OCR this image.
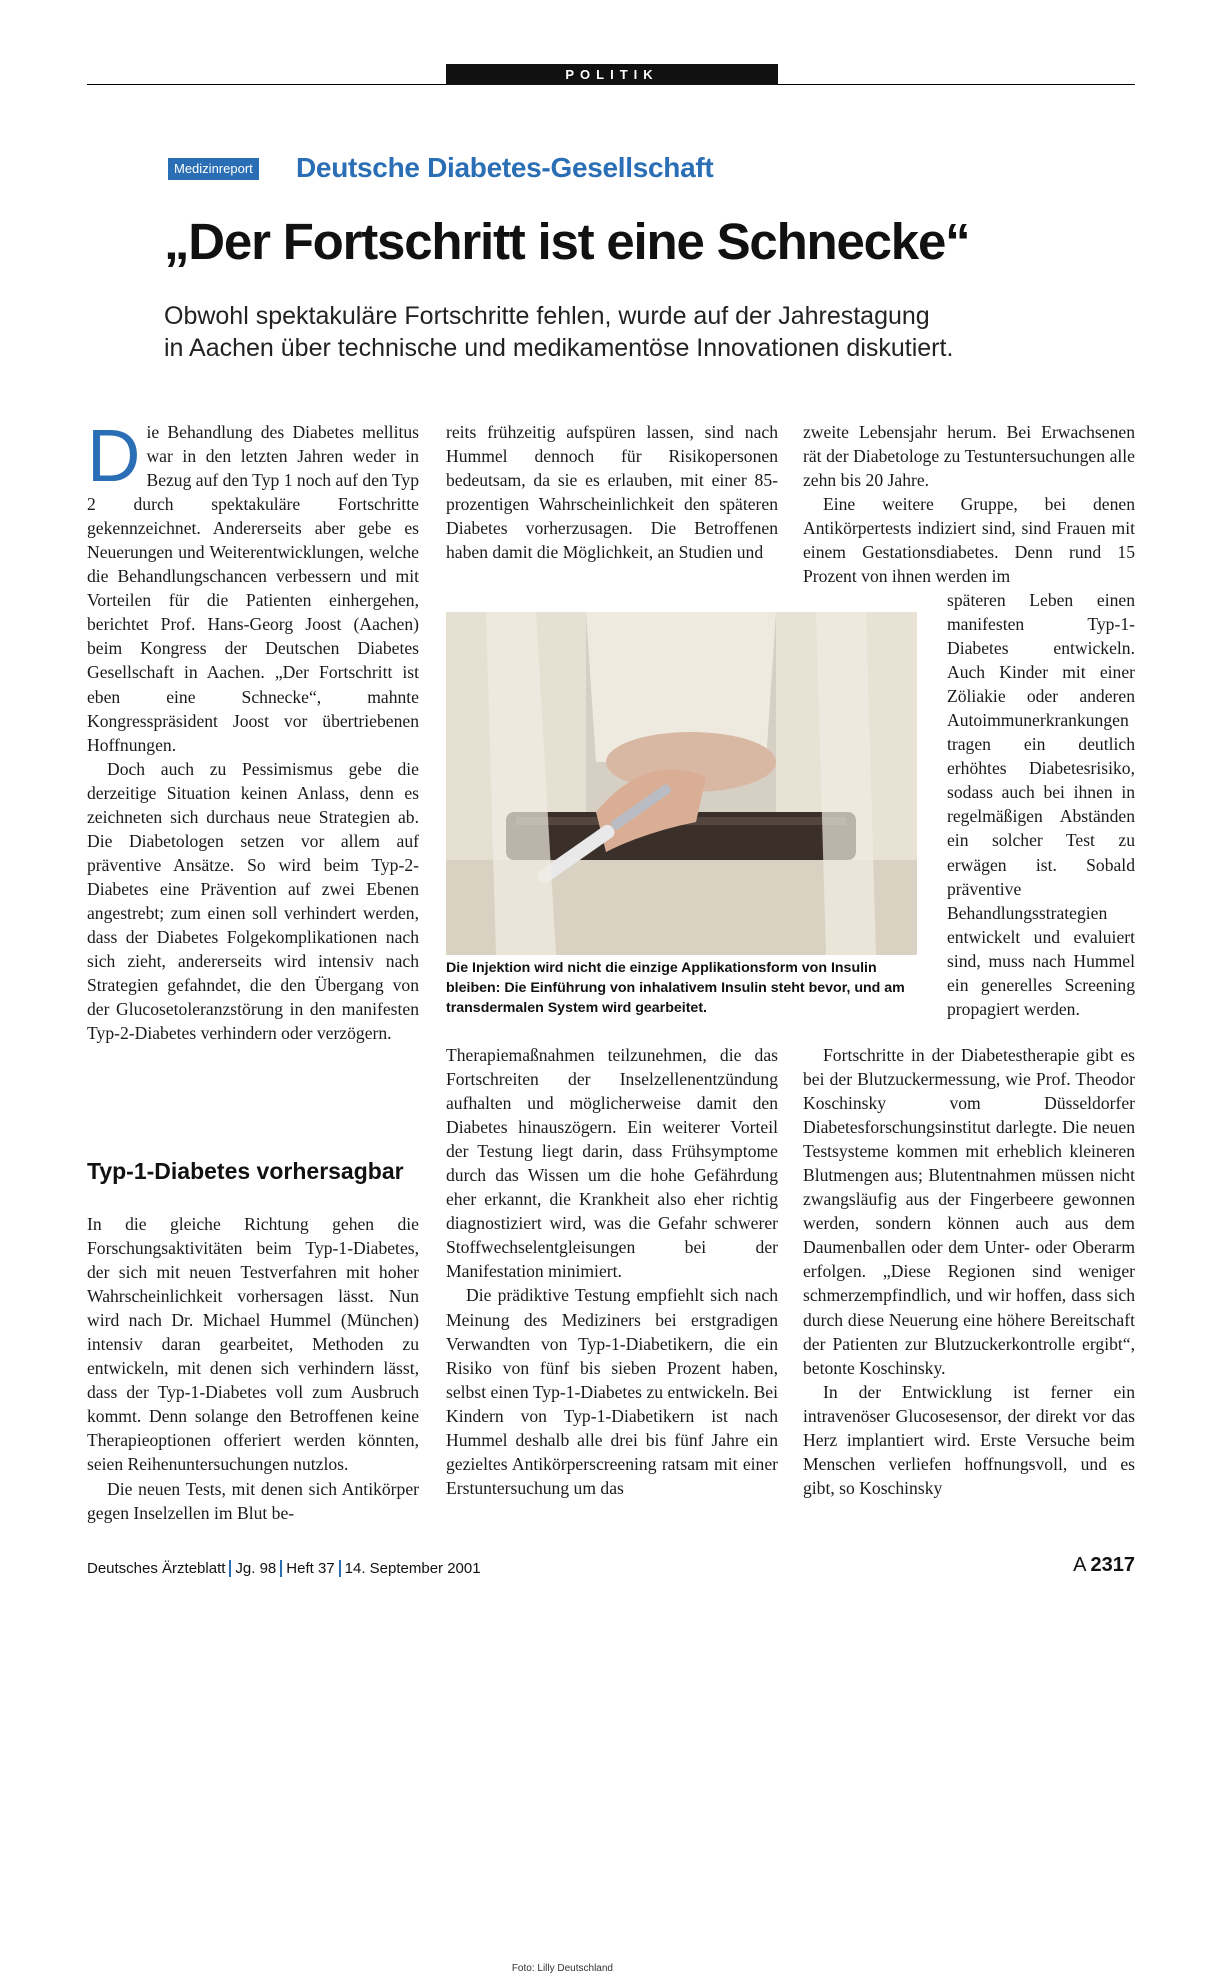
POLITIK
Medizinreport Deutsche Diabetes-Gesellschaft
„Der Fortschritt ist eine Schnecke“
Obwohl spektakuläre Fortschritte fehlen, wurde auf der Jahrestagung
in Aachen über technische und medikamentöse Innovationen diskutiert.

Die Behandlung des Diabetes mellitus war in den letzten Jahren weder in Bezug auf den Typ 1 noch auf den Typ 2 durch spektakuläre Fortschritte gekennzeichnet. Andererseits aber gebe es Neuerungen und Weiterentwicklungen, welche die Behandlungschancen verbessern und mit Vorteilen für die Patienten einhergehen, berichtet Prof. Hans-Georg Joost (Aachen) beim Kongress der Deutschen Diabetes Gesellschaft in Aachen. „Der Fortschritt ist eben eine Schnecke“, mahnte Kongresspräsident Joost vor übertriebenen Hoffnungen.

Doch auch zu Pessimismus gebe die derzeitige Situation keinen Anlass, denn es zeichneten sich durchaus neue Strategien ab. Die Diabetologen setzen vor allem auf präventive Ansätze. So wird beim Typ-2-Diabetes eine Prävention auf zwei Ebenen angestrebt; zum einen soll verhindert werden, dass der Diabetes Folgekomplikationen nach sich zieht, andererseits wird intensiv nach Strategien gefahndet, die den Übergang von der Glucosetoleranzstörung in den manifesten Typ-2-Diabetes verhindern oder verzögern.

Typ-1-Diabetes vorhersagbar

In die gleiche Richtung gehen die Forschungsaktivitäten beim Typ-1-Diabetes, der sich mit neuen Testverfahren mit hoher Wahrscheinlichkeit vorhersagen lässt. Nun wird nach Dr. Michael Hummel (München) intensiv daran gearbeitet, Methoden zu entwickeln, mit denen sich verhindern lässt, dass der Typ-1-Diabetes voll zum Ausbruch kommt. Denn solange den Betroffenen keine Therapieoptionen offeriert werden könnten, seien Reihenuntersuchungen nutzlos.

Die neuen Tests, mit denen sich Antikörper gegen Inselzellen im Blut be-

reits frühzeitig aufspüren lassen, sind nach Hummel dennoch für Risikopersonen bedeutsam, da sie es erlauben, mit einer 85-prozentigen Wahrscheinlichkeit den späteren Diabetes vorherzusagen. Die Betroffenen haben damit die Möglichkeit, an Studien und

Die Injektion wird nicht die einzige Applikationsform von Insulin bleiben: Die Einführung von inhalativem Insulin steht bevor, und am transdermalen System wird gearbeitet.
Foto: Lilly Deutschland

Therapiemaßnahmen teilzunehmen, die das Fortschreiten der Inselzellenentzündung aufhalten und möglicherweise damit den Diabetes hinauszögern. Ein weiterer Vorteil der Testung liegt darin, dass Frühsymptome durch das Wissen um die hohe Gefährdung eher erkannt, die Krankheit also eher richtig diagnostiziert wird, was die Gefahr schwerer Stoffwechselentgleisungen bei der Manifestation minimiert.

Die prädiktive Testung empfiehlt sich nach Meinung des Mediziners bei erstgradigen Verwandten von Typ-1-Diabetikern, die ein Risiko von fünf bis sieben Prozent haben, selbst einen Typ-1-Diabetes zu entwickeln. Bei Kindern von Typ-1-Diabetikern ist nach Hummel deshalb alle drei bis fünf Jahre ein gezieltes Antikörperscreening ratsam mit einer Erstuntersuchung um das

zweite Lebensjahr herum. Bei Erwachsenen rät der Diabetologe zu Testuntersuchungen alle zehn bis 20 Jahre.

Eine weitere Gruppe, bei denen Antikörpertests indiziert sind, sind Frauen mit einem Gestationsdiabetes. Denn rund 15 Prozent von ihnen werden im

späteren Leben einen manifesten Typ-1-Diabetes entwickeln. Auch Kinder mit einer Zöliakie oder anderen Autoimmunerkrankungen tragen ein deutlich erhöhtes Diabetesrisiko, sodass auch bei ihnen in regelmäßigen Abständen ein solcher Test zu erwägen ist. Sobald präventive Behandlungsstrategien entwickelt und evaluiert sind, muss nach Hummel ein generelles Screening propagiert werden.

Fortschritte in der Diabetestherapie gibt es bei der Blutzuckermessung, wie Prof. Theodor Koschinsky vom Düsseldorfer Diabetesforschungsinstitut darlegte. Die neuen Testsysteme kommen mit erheblich kleineren Blutmengen aus; Blutentnahmen müssen nicht zwangsläufig aus der Fingerbeere gewonnen werden, sondern können auch aus dem Daumenballen oder dem Unter- oder Oberarm erfolgen. „Diese Regionen sind weniger schmerzempfindlich, und wir hoffen, dass sich durch diese Neuerung eine höhere Bereitschaft der Patienten zur Blutzuckerkontrolle ergibt“, betonte Koschinsky.

In der Entwicklung ist ferner ein intravenöser Glucosesensor, der direkt vor das Herz implantiert wird. Erste Versuche beim Menschen verliefen hoffnungsvoll, und es gibt, so Koschinsky

Deutsches Ärzteblatt Jg. 98 Heft 37 14. September 2001	A 2317
